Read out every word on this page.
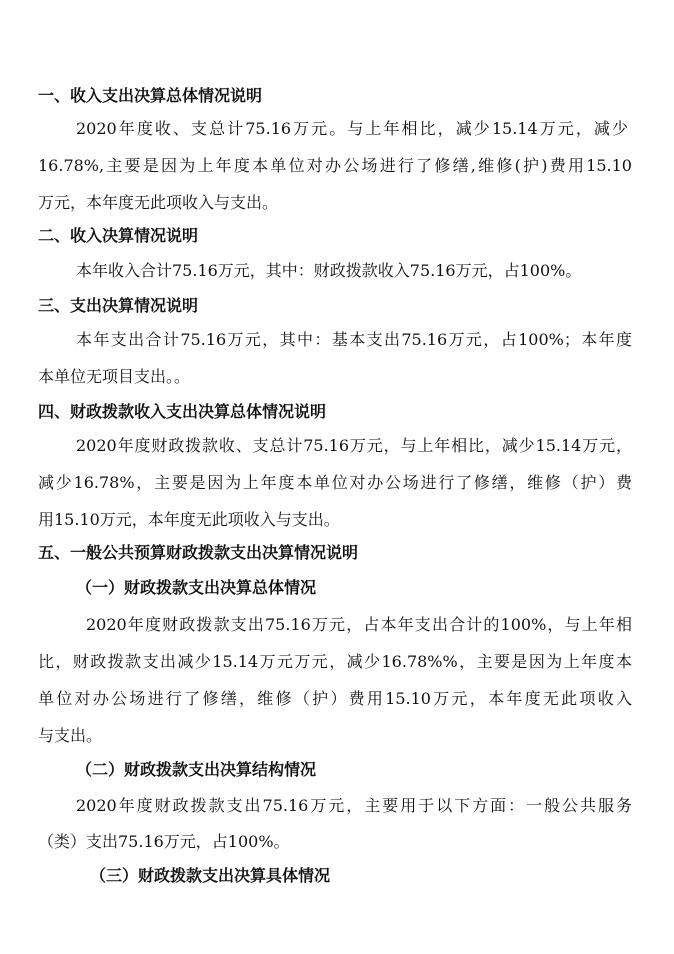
一、收入支出决算总体情况说明
2020年度收、支总计75.16万元。与上年相比，减少15.14万元，减少
16.78%,主要是因为上年度本单位对办公场进行了修缮,维修(护)费用15.10
万元，本年度无此项收入与支出。
二、收入决算情况说明
本年收入合计75.16万元，其中：财政拨款收入75.16万元，占100%。
三、支出决算情况说明
本年支出合计75.16万元，其中：基本支出75.16万元，占100%；本年度
本单位无项目支出。。
四、财政拨款收入支出决算总体情况说明
2020年度财政拨款收、支总计75.16万元，与上年相比，减少15.14万元，
减少16.78%，主要是因为上年度本单位对办公场进行了修缮，维修（护）费
用15.10万元，本年度无此项收入与支出。
五、一般公共预算财政拨款支出决算情况说明
（一）财政拨款支出决算总体情况
2020年度财政拨款支出75.16万元，占本年支出合计的100%，与上年相
比，财政拨款支出减少15.14万元万元，减少16.78%%，主要是因为上年度本
单位对办公场进行了修缮，维修（护）费用15.10万元，本年度无此项收入
与支出。
（二）财政拨款支出决算结构情况
2020年度财政拨款支出75.16万元，主要用于以下方面：一般公共服务
（类）支出75.16万元，占100%。
（三）财政拨款支出决算具体情况
